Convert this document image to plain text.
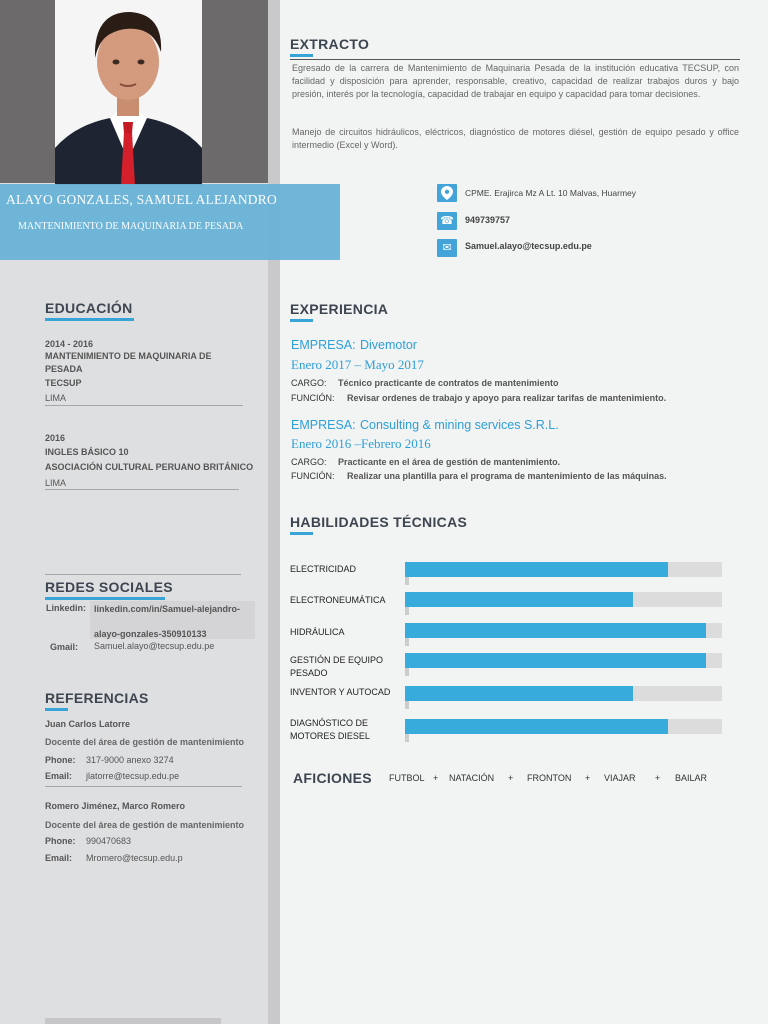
ALAYO GONZALES, SAMUEL ALEJANDRO
MANTENIMIENTO DE MAQUINARIA DE PESADA
EXTRACTO
Egresado de la carrera de Mantenimiento de Maquinaria Pesada de la institución educativa TECSUP, con facilidad y disposición para aprender, responsable, creativo, capacidad de realizar trabajos duros y bajo presión, interés por la tecnología, capacidad de trabajar en equipo y capacidad para tomar decisiones.
Manejo de circuitos hidráulicos, eléctricos, diagnóstico de motores diésel, gestión de equipo pesado y office intermedio (Excel y Word).
CPME. Erajirca Mz A Lt. 10 Malvas, Huarmey
☎	949739757
✉	Samuel.alayo@tecsup.edu.pe
EDUCACIÓN
2014 - 2016
MANTENIMIENTO DE MAQUINARIA DE
PESADA
TECSUP
LIMA
2016
INGLES BÁSICO 10
ASOCIACIÓN CULTURAL PERUANO BRITÁNICO
LIMA
REDES SOCIALES
Linkedin: linkedin.com/in/Samuel-alejandro-
alayo-gonzales-350910133
Gmail: Samuel.alayo@tecsup.edu.pe
REFERENCIAS
Juan Carlos Latorre
Docente del área de gestión de mantenimiento
Phone: 317-9000 anexo 3274
Email: jlatorre@tecsup.edu.pe
Romero Jiménez, Marco Romero
Docente del área de gestión de mantenimiento
Phone: 990470683
Email: Mromero@tecsup.edu.p
EXPERIENCIA
EMPRESA: Divemotor
Enero 2017 – Mayo 2017
CARGO: Técnico practicante de contratos de mantenimiento
FUNCIÓN: Revisar ordenes de trabajo y apoyo para realizar tarifas de mantenimiento.
EMPRESA: Consulting & mining services S.R.L.
Enero 2016 –Febrero 2016
CARGO: Practicante en el área de gestión de mantenimiento.
FUNCIÓN: Realizar una plantilla para el programa de mantenimiento de las máquinas.
HABILIDADES TÉCNICAS
ELECTRICIDAD
ELECTRONEUMÁTICA
HIDRÁULICA
GESTIÓN DE EQUIPO
PESADO
INVENTOR Y AUTOCAD
DIAGNÓSTICO DE
MOTORES DIESEL
AFICIONES FUTBOL + NATACIÓN + FRONTON + VIAJAR + BAILAR
